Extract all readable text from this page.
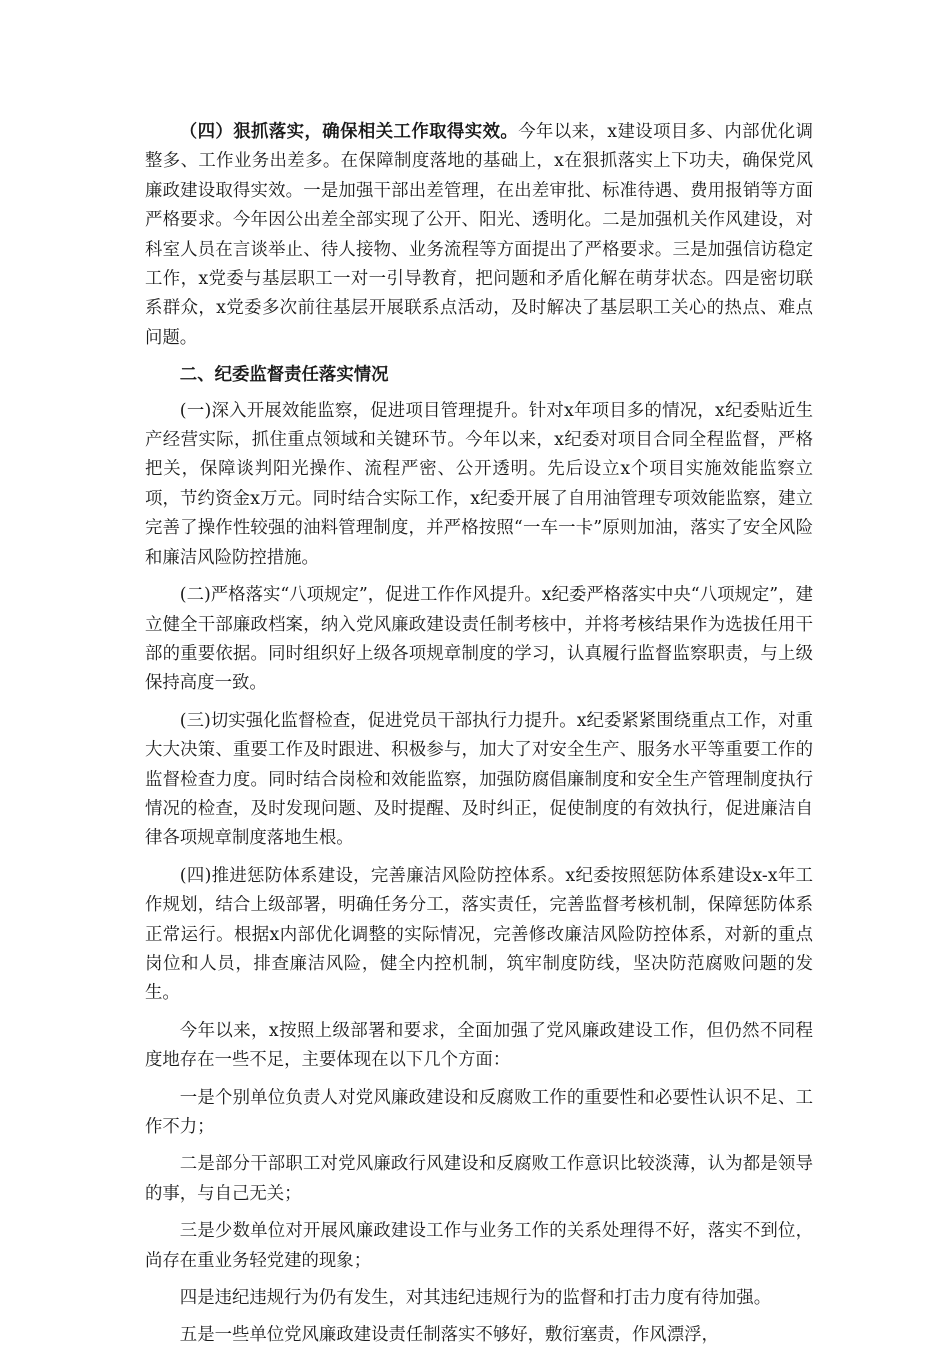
（四）狠抓落实，确保相关工作取得实效。今年以来，x建设项目多、内部优化调整多、工作业务出差多。在保障制度落地的基础上，x在狠抓落实上下功夫，确保党风廉政建设取得实效。一是加强干部出差管理，在出差审批、标准待遇、费用报销等方面严格要求。今年因公出差全部实现了公开、阳光、透明化。二是加强机关作风建设，对科室人员在言谈举止、待人接物、业务流程等方面提出了严格要求。三是加强信访稳定工作，x党委与基层职工一对一引导教育，把问题和矛盾化解在萌芽状态。四是密切联系群众，x党委多次前往基层开展联系点活动，及时解决了基层职工关心的热点、难点问题。

二、纪委监督责任落实情况

(一)深入开展效能监察，促进项目管理提升。针对x年项目多的情况，x纪委贴近生产经营实际，抓住重点领域和关键环节。今年以来，x纪委对项目合同全程监督，严格把关，保障谈判阳光操作、流程严密、公开透明。先后设立x个项目实施效能监察立项，节约资金x万元。同时结合实际工作，x纪委开展了自用油管理专项效能监察，建立完善了操作性较强的油料管理制度，并严格按照“一车一卡”原则加油，落实了安全风险和廉洁风险防控措施。

(二)严格落实“八项规定”，促进工作作风提升。x纪委严格落实中央“八项规定”，建立健全干部廉政档案，纳入党风廉政建设责任制考核中，并将考核结果作为选拔任用干部的重要依据。同时组织好上级各项规章制度的学习，认真履行监督监察职责，与上级保持高度一致。

(三)切实强化监督检查，促进党员干部执行力提升。x纪委紧紧围绕重点工作，对重大大决策、重要工作及时跟进、积极参与，加大了对安全生产、服务水平等重要工作的监督检查力度。同时结合岗检和效能监察，加强防腐倡廉制度和安全生产管理制度执行情况的检查，及时发现问题、及时提醒、及时纠正，促使制度的有效执行，促进廉洁自律各项规章制度落地生根。

(四)推进惩防体系建设，完善廉洁风险防控体系。x纪委按照惩防体系建设x-x年工作规划，结合上级部署，明确任务分工，落实责任，完善监督考核机制，保障惩防体系正常运行。根据x内部优化调整的实际情况，完善修改廉洁风险防控体系，对新的重点岗位和人员，排查廉洁风险，健全内控机制，筑牢制度防线，坚决防范腐败问题的发生。

今年以来，x按照上级部署和要求，全面加强了党风廉政建设工作，但仍然不同程度地存在一些不足，主要体现在以下几个方面：

一是个别单位负责人对党风廉政建设和反腐败工作的重要性和必要性认识不足、工作不力；

二是部分干部职工对党风廉政行风建设和反腐败工作意识比较淡薄，认为都是领导的事，与自己无关；

三是少数单位对开展风廉政建设工作与业务工作的关系处理得不好，落实不到位，尚存在重业务轻党建的现象；

四是违纪违规行为仍有发生，对其违纪违规行为的监督和打击力度有待加强。

五是一些单位党风廉政建设责任制落实不够好，敷衍塞责，作风漂浮，
